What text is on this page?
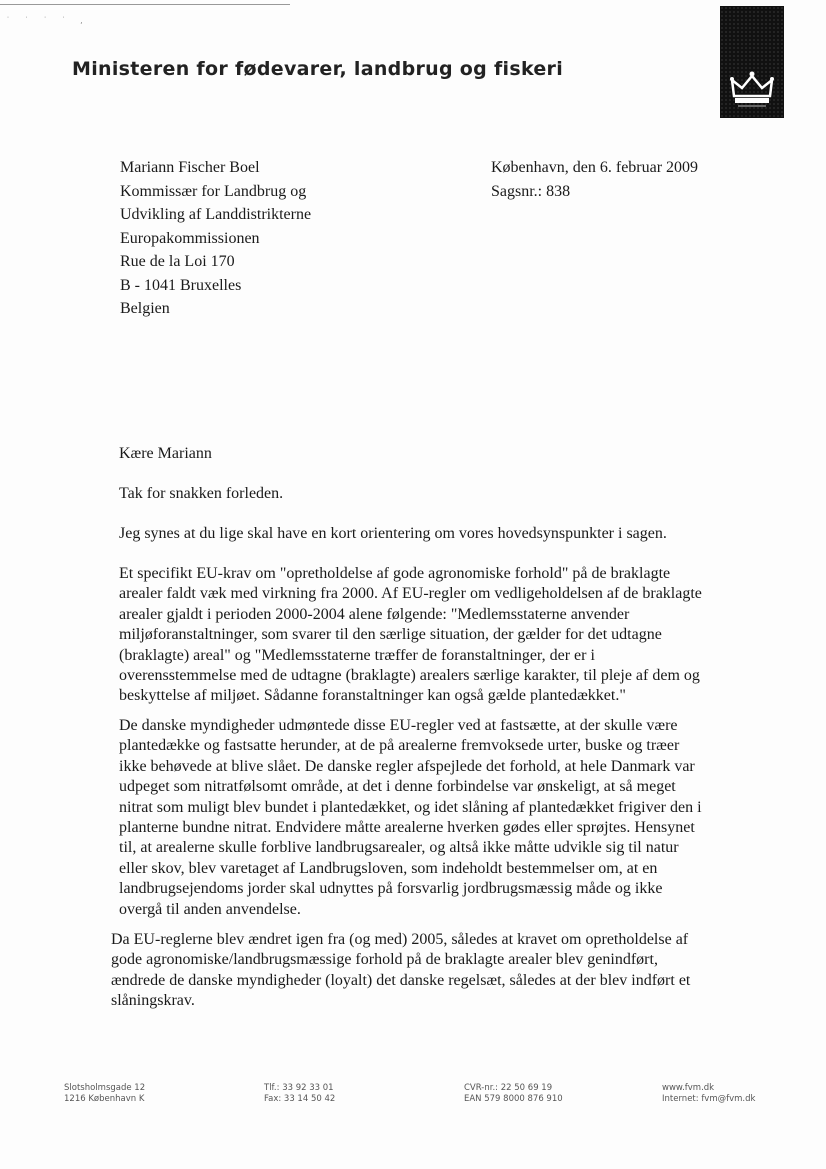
˙ ˙ ˙ ˙ ,
Ministeren for fødevarer, landbrug og fiskeri
Mariann Fischer Boel
Kommissær for Landbrug og
Udvikling af Landdistrikterne
Europakommissionen
Rue de la Loi 170
B - 1041 Bruxelles
Belgien
København, den 6. februar 2009
Sagsnr.: 838
Kære Mariann
Tak for snakken forleden.
Jeg synes at du lige skal have en kort orientering om vores hovedsynspunkter i sagen.
Et specifikt EU-krav om "opretholdelse af gode agronomiske forhold" på de braklagte arealer faldt væk med virkning fra 2000. Af EU-regler om vedligeholdelsen af de braklagte arealer gjaldt i perioden 2000-2004 alene følgende: "Medlemsstaterne anvender miljøforanstaltninger, som svarer til den særlige situation, der gælder for det udtagne (braklagte) areal" og "Medlemsstaterne træffer de foranstaltninger, der er i overensstemmelse med de udtagne (braklagte) arealers særlige karakter, til pleje af dem og beskyttelse af miljøet. Sådanne foranstaltninger kan også gælde plantedækket."
De danske myndigheder udmøntede disse EU-regler ved at fastsætte, at der skulle være plantedække og fastsatte herunder, at de på arealerne fremvoksede urter, buske og træer ikke behøvede at blive slået. De danske regler afspejlede det forhold, at hele Danmark var udpeget som nitratfølsomt område, at det i denne forbindelse var ønskeligt, at så meget nitrat som muligt blev bundet i plantedækket, og idet slåning af plantedækket frigiver den i planterne bundne nitrat. Endvidere måtte arealerne hverken gødes eller sprøjtes. Hensynet til, at arealerne skulle forblive landbrugsarealer, og altså ikke måtte udvikle sig til natur eller skov, blev varetaget af Landbrugsloven, som indeholdt bestemmelser om, at en landbrugsejendoms jorder skal udnyttes på forsvarlig jordbrugsmæssig måde og ikke overgå til anden anvendelse.
Da EU-reglerne blev ændret igen fra (og med) 2005, således at kravet om opretholdelse af gode agronomiske/landbrugsmæssige forhold på de braklagte arealer blev genindført, ændrede de danske myndigheder (loyalt) det danske regelsæt, således at der blev indført et slåningskrav.
Slotsholmsgade 12
1216 København K
Tlf.: 33 92 33 01
Fax: 33 14 50 42
CVR-nr.: 22 50 69 19
EAN 579 8000 876 910
www.fvm.dk
Internet: fvm@fvm.dk
